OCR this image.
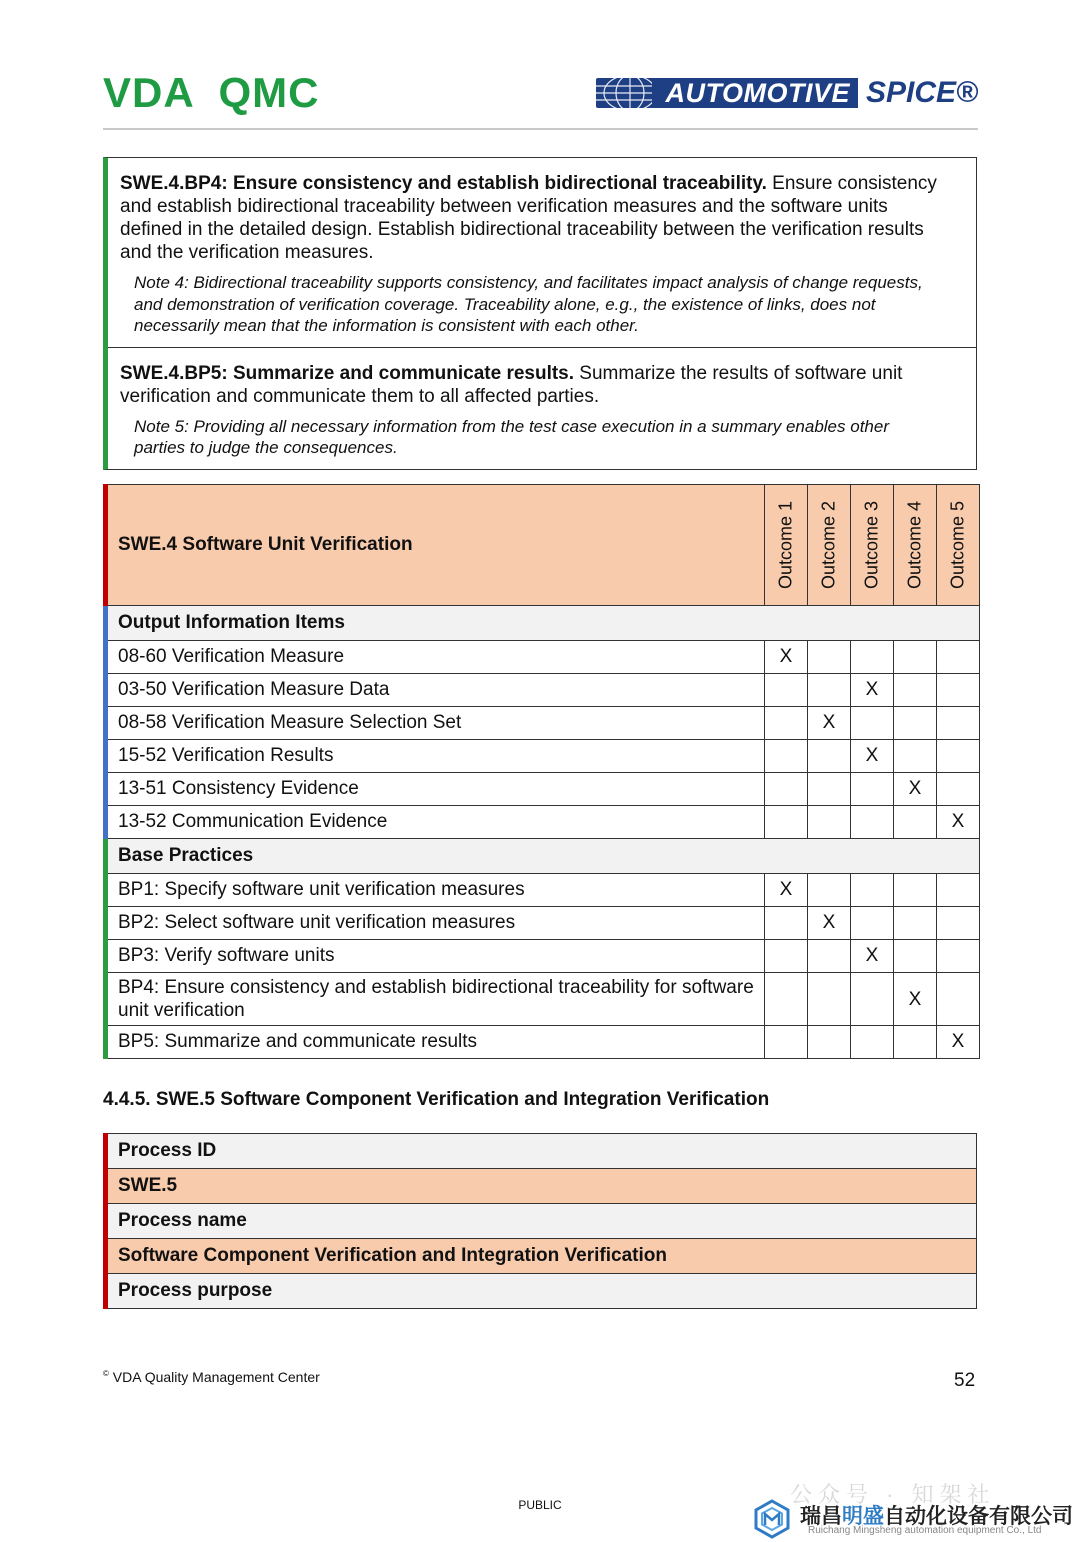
VDA  QMC	AUTOMOTIVE SPICE®

SWE.4.BP4: Ensure consistency and establish bidirectional traceability. Ensure consistency and establish bidirectional traceability between verification measures and the software units defined in the detailed design. Establish bidirectional traceability between the verification results and the verification measures.

Note 4: Bidirectional traceability supports consistency, and facilitates impact analysis of change requests, and demonstration of verification coverage. Traceability alone, e.g., the existence of links, does not necessarily mean that the information is consistent with each other.

SWE.4.BP5: Summarize and communicate results. Summarize the results of software unit verification and communicate them to all affected parties.

Note 5: Providing all necessary information from the test case execution in a summary enables other parties to judge the consequences.

SWE.4 Software Unit Verification	Outcome 1	Outcome 2	Outcome 3	Outcome 4	Outcome 5

Output Information Items					
08-60 Verification Measure	X				
03-50 Verification Measure Data			X		
08-58 Verification Measure Selection Set		X			
15-52 Verification Results			X		
13-51 Consistency Evidence				X	
13-52 Communication Evidence					X
Base Practices					
BP1: Specify software unit verification measures	X				
BP2: Select software unit verification measures		X			
BP3: Verify software units			X		
BP4: Ensure consistency and establish bidirectional traceability for software unit verification				X	
BP5: Summarize and communicate results					X
4.4.5. SWE.5 Software Component Verification and Integration Verification
Process ID
SWE.5
Process name
Software Component Verification and Integration Verification
Process purpose
© VDA Quality Management Center	52
PUBLIC	公众号 · 知架社
瑞昌明盛自动化设备有限公司
Ruichang Mingsheng automation equipment Co., Ltd
